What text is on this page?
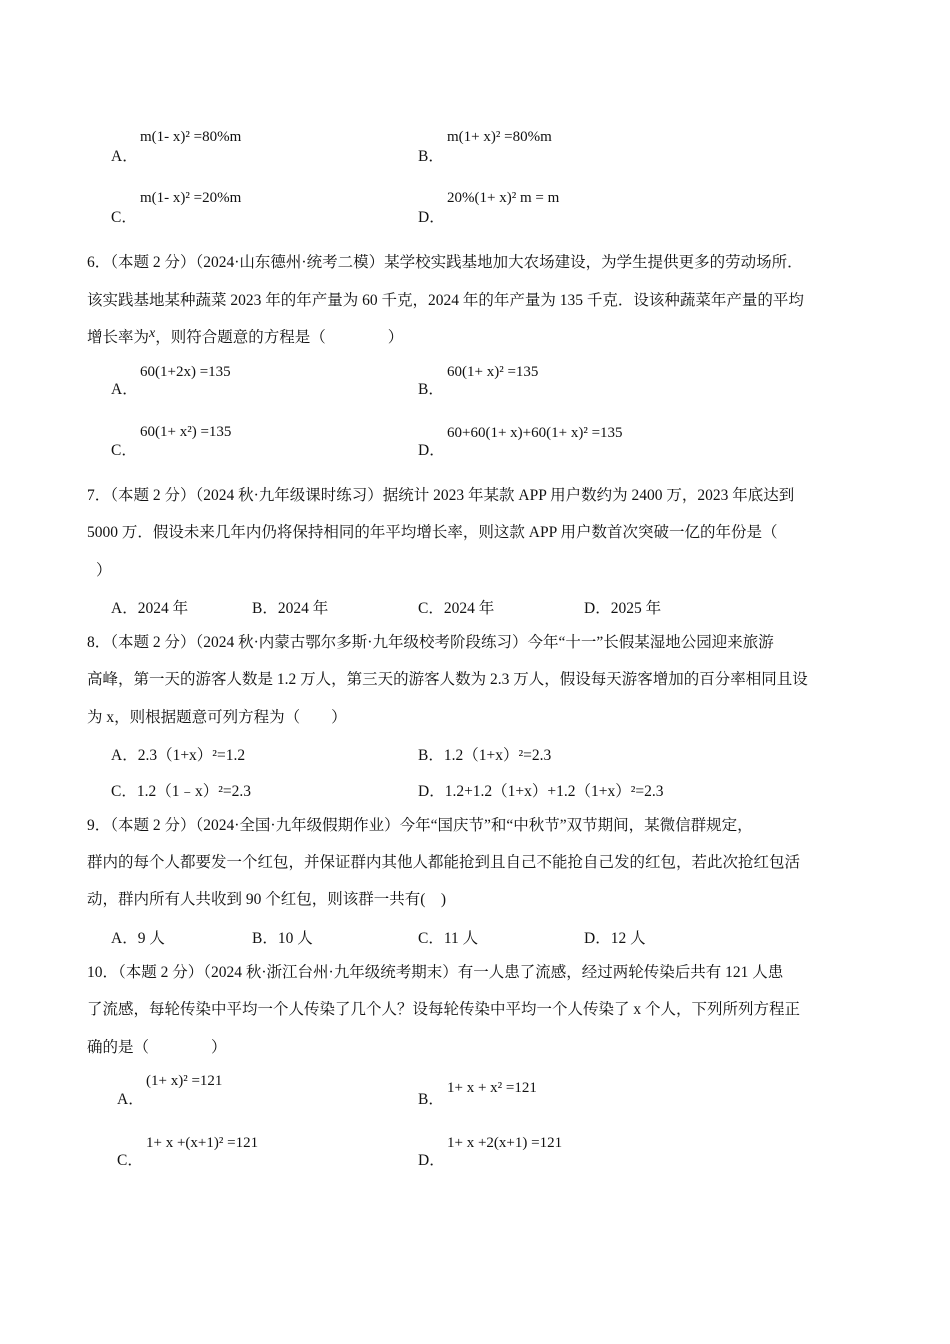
A．
m(1- x)² =80%m
B．
m(1+ x)² =80%m
C．
m(1- x)² =20%m
D．
20%(1+ x)² m = m
6．（本题 2 分）（2024·山东德州·统考二模）某学校实践基地加大农场建设，为学生提供更多的劳动场所．
该实践基地某种蔬菜 2023 年的年产量为 60 千克，2024 年的年产量为 135 千克．设该种蔬菜年产量的平均
增长率为x，则符合题意的方程是（　　　　）
A．
60(1+2x) =135
B．
60(1+ x)² =135
C．
60(1+ x²) =135
D．
60+60(1+ x)+60(1+ x)² =135
7．（本题 2 分）（2024 秋·九年级课时练习）据统计 2023 年某款 APP 用户数约为 2400 万，2023 年底达到
5000 万．假设未来几年内仍将保持相同的年平均增长率，则这款 APP 用户数首次突破一亿的年份是（
）
A．2024 年	B．2024 年	C．2024 年	D．2025 年
8．（本题 2 分）（2024 秋·内蒙古鄂尔多斯·九年级校考阶段练习）今年“十一”长假某湿地公园迎来旅游
高峰，第一天的游客人数是 1.2 万人，第三天的游客人数为 2.3 万人，假设每天游客增加的百分率相同且设
为 x，则根据题意可列方程为（　　）
A．2.3（1+x）²=1.2	B．1.2（1+x）²=2.3
C．1.2（1﹣x）²=2.3	D．1.2+1.2（1+x）+1.2（1+x）²=2.3
9．（本题 2 分）（2024·全国·九年级假期作业）今年“国庆节”和“中秋节”双节期间，某微信群规定，
群内的每个人都要发一个红包，并保证群内其他人都能抢到且自己不能抢自己发的红包，若此次抢红包活
动，群内所有人共收到 90 个红包，则该群一共有(　)
A．9 人	B．10 人	C．11 人	D．12 人
10．（本题 2 分）（2024 秋·浙江台州·九年级统考期末）有一人患了流感，经过两轮传染后共有 121 人患
了流感，每轮传染中平均一个人传染了几个人？设每轮传染中平均一个人传染了 x 个人，下列所列方程正
确的是（　　　　）
A．
(1+ x)² =121
B．
1+ x + x² =121
C．
1+ x +(x+1)² =121
D．
1+ x +2(x+1) =121
